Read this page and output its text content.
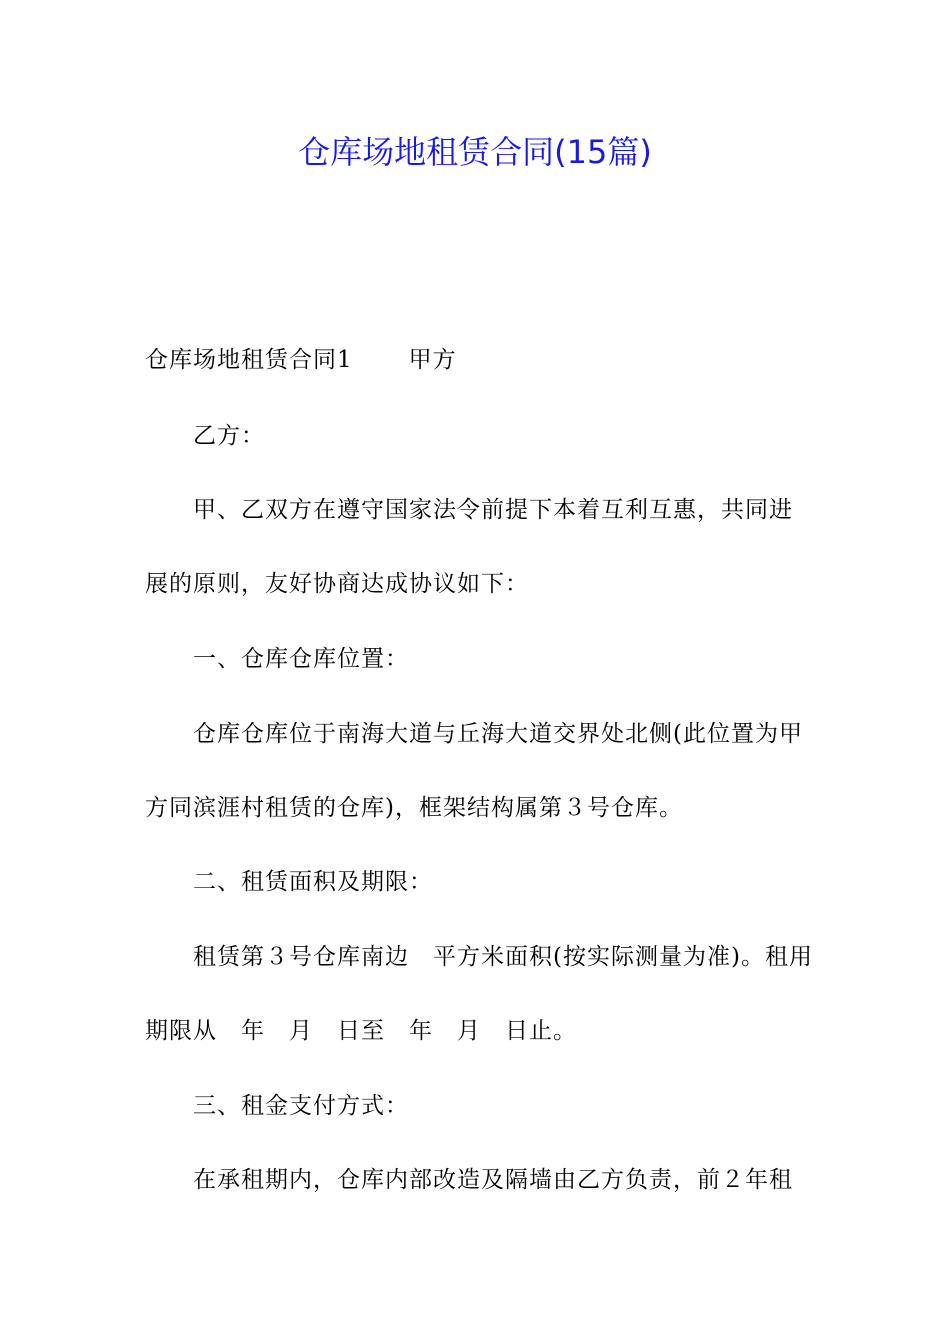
仓库场地租赁合同(15篇)
仓库场地租赁合同1 甲方
乙方：
甲、乙双方在遵守国家法令前提下本着互利互惠，共同进
展的原则，友好协商达成协议如下：
一、仓库仓库位置：
仓库仓库位于南海大道与丘海大道交界处北侧(此位置为甲
方同滨涯村租赁的仓库)，框架结构属第３号仓库。
二、租赁面积及期限：
租赁第３号仓库南边　平方米面积(按实际测量为准)。租用
期限从　年　月　日至　年　月　日止。
三、租金支付方式：
在承租期内，仓库内部改造及隔墙由乙方负责，前２年租
